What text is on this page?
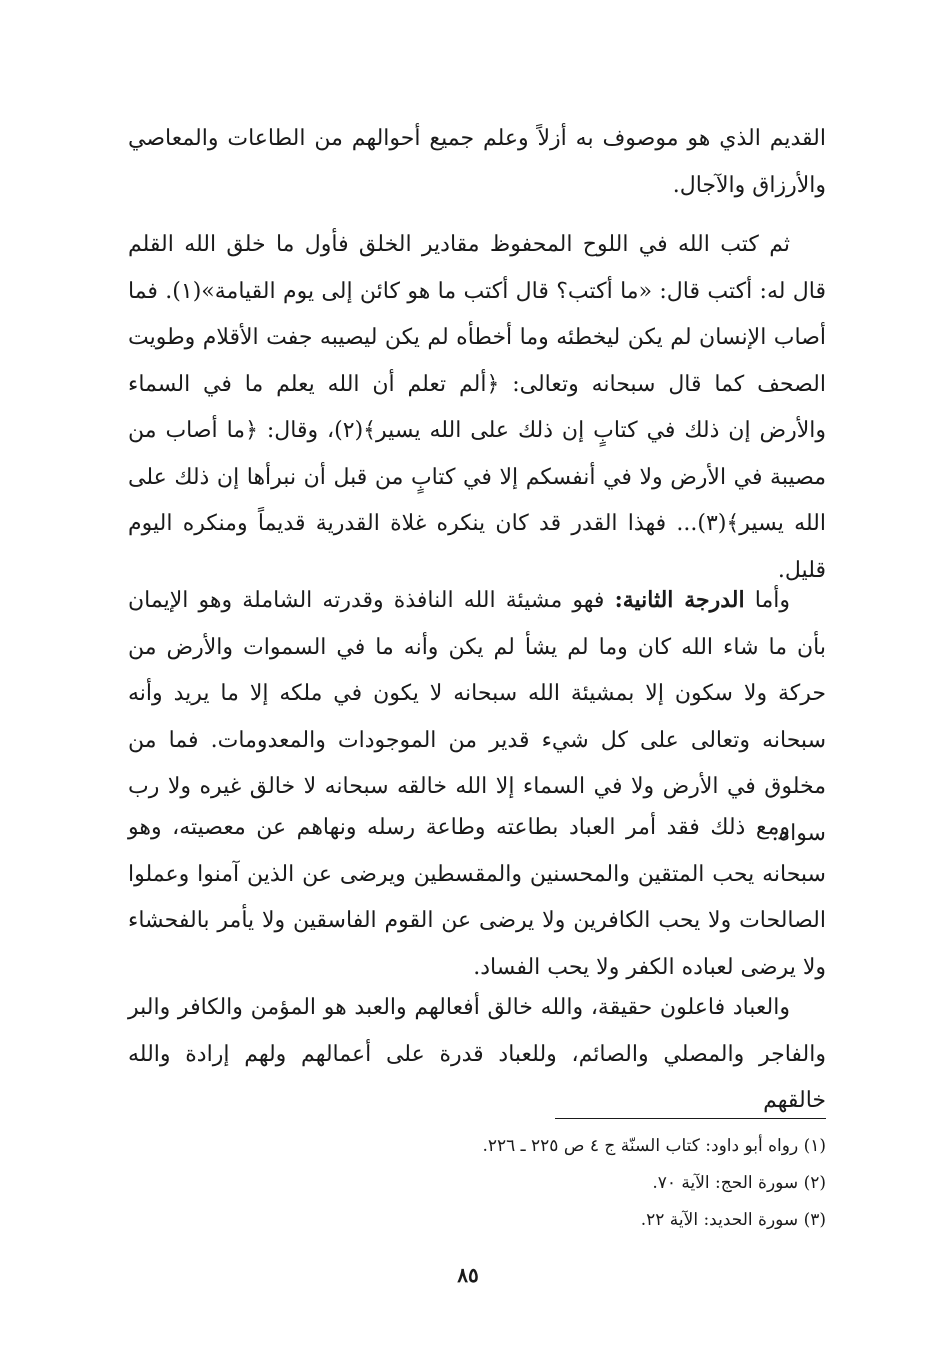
القديم الذي هو موصوف به أزلاً وعلم جميع أحوالهم من الطاعات والمعاصي والأرزاق والآجال.

ثم كتب الله في اللوح المحفوظ مقادير الخلق فأول ما خلق الله القلم قال له: أكتب قال: «ما أكتب؟ قال أكتب ما هو كائن إلى يوم القيامة»(١). فما أصاب الإنسان لم يكن ليخطئه وما أخطأه لم يكن ليصيبه جفت الأقلام وطويت الصحف كما قال سبحانه وتعالى: ﴿ألم تعلم أن الله يعلم ما في السماء والأرض إن ذلك في كتابٍ إن ذلك على الله يسير﴾(٢)، وقال: ﴿ما أصاب من مصيبة في الأرض ولا في أنفسكم إلا في كتابٍ من قبل أن نبرأها إن ذلك على الله يسير﴾(٣)... فهذا القدر قد كان ينكره غلاة القدرية قديماً ومنكره اليوم قليل.

وأما الدرجة الثانية: فهو مشيئة الله النافذة وقدرته الشاملة وهو الإيمان بأن ما شاء الله كان وما لم يشأ لم يكن وأنه ما في السموات والأرض من حركة ولا سكون إلا بمشيئة الله سبحانه لا يكون في ملكه إلا ما يريد وأنه سبحانه وتعالى على كل شيء قدير من الموجودات والمعدومات. فما من مخلوق في الأرض ولا في السماء إلا الله خالقه سبحانه لا خالق غيره ولا رب سواه.

ومع ذلك فقد أمر العباد بطاعته وطاعة رسله ونهاهم عن معصيته، وهو سبحانه يحب المتقين والمحسنين والمقسطين ويرضى عن الذين آمنوا وعملوا الصالحات ولا يحب الكافرين ولا يرضى عن القوم الفاسقين ولا يأمر بالفحشاء ولا يرضى لعباده الكفر ولا يحب الفساد.

والعباد فاعلون حقيقة، والله خالق أفعالهم والعبد هو المؤمن والكافر والبر والفاجر والمصلي والصائم، وللعباد قدرة على أعمالهم ولهم إرادة والله خالقهم

(١) رواه أبو داود: كتاب السنّة ج ٤ ص ٢٢٥ ـ ٢٢٦.
(٢) سورة الحج: الآية ٧٠.
(٣) سورة الحديد: الآية ٢٢.
٨٥
